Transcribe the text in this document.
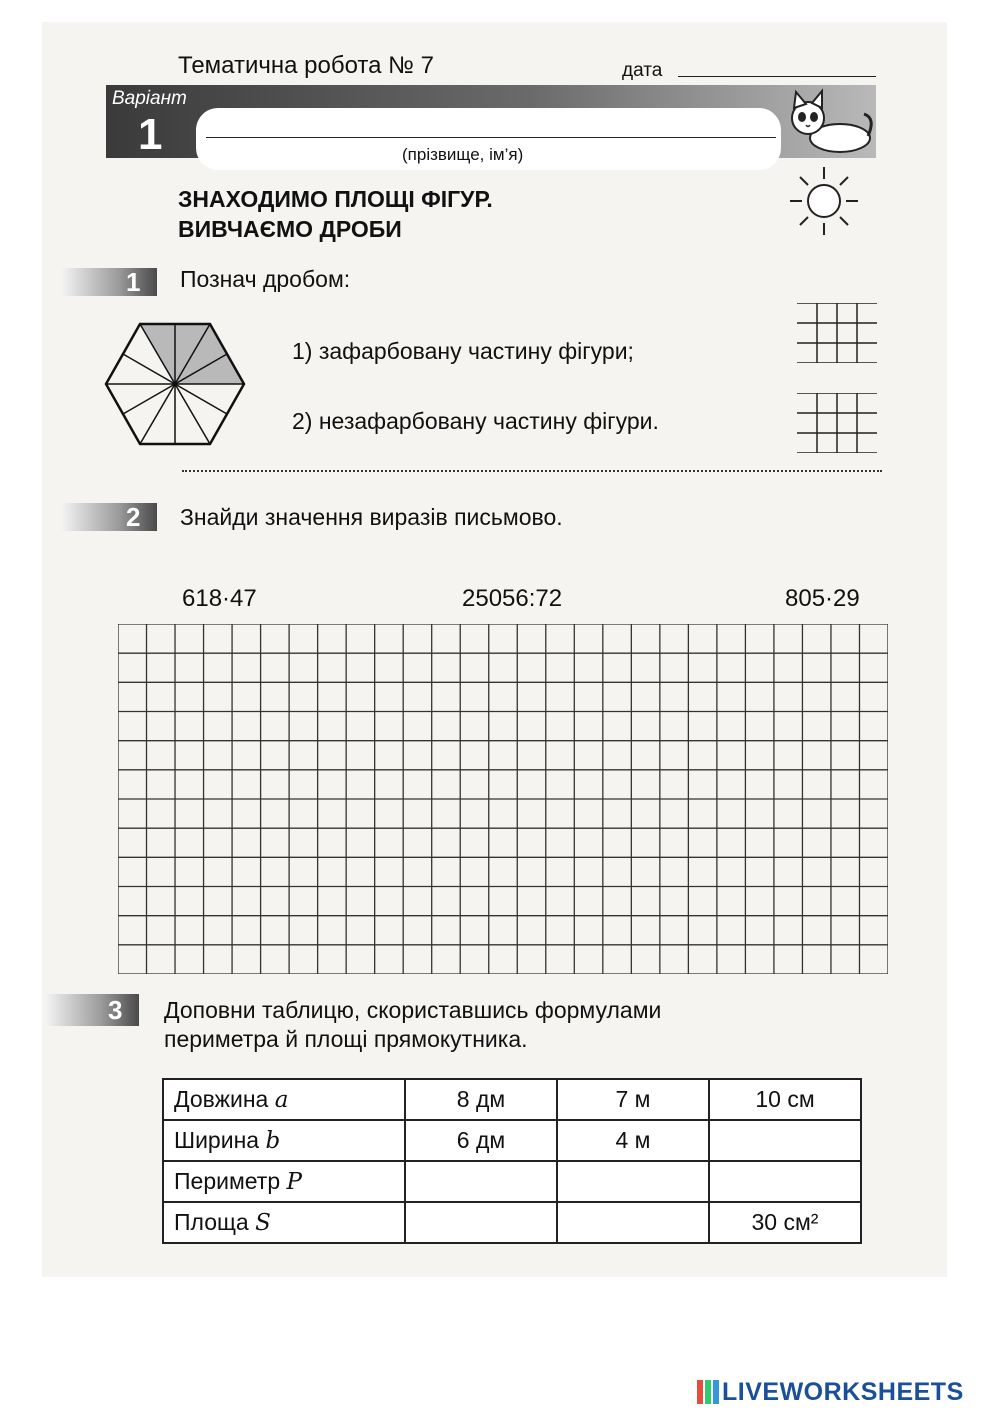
Тематична робота № 7	дата
Варіант
1	(прізвище, ім’я)
ЗНАХОДИМО ПЛОЩІ ФІГУР.
ВИВЧАЄМО ДРОБИ
1 Познач дробом:
1) зафарбовану частину фігури;
2) незафарбовану частину фігури.
2 Знайди значення виразів письмово.
618·47	25056:72	805·29
3 Доповни таблицю, скориставшись формулами
периметра й площі прямокутника.
Довжина a	8 дм	7 м	10 см
Ширина b	6 дм	4 м	
Периметр P			
Площа S			30 см²
LIVEWORKSHEETS
